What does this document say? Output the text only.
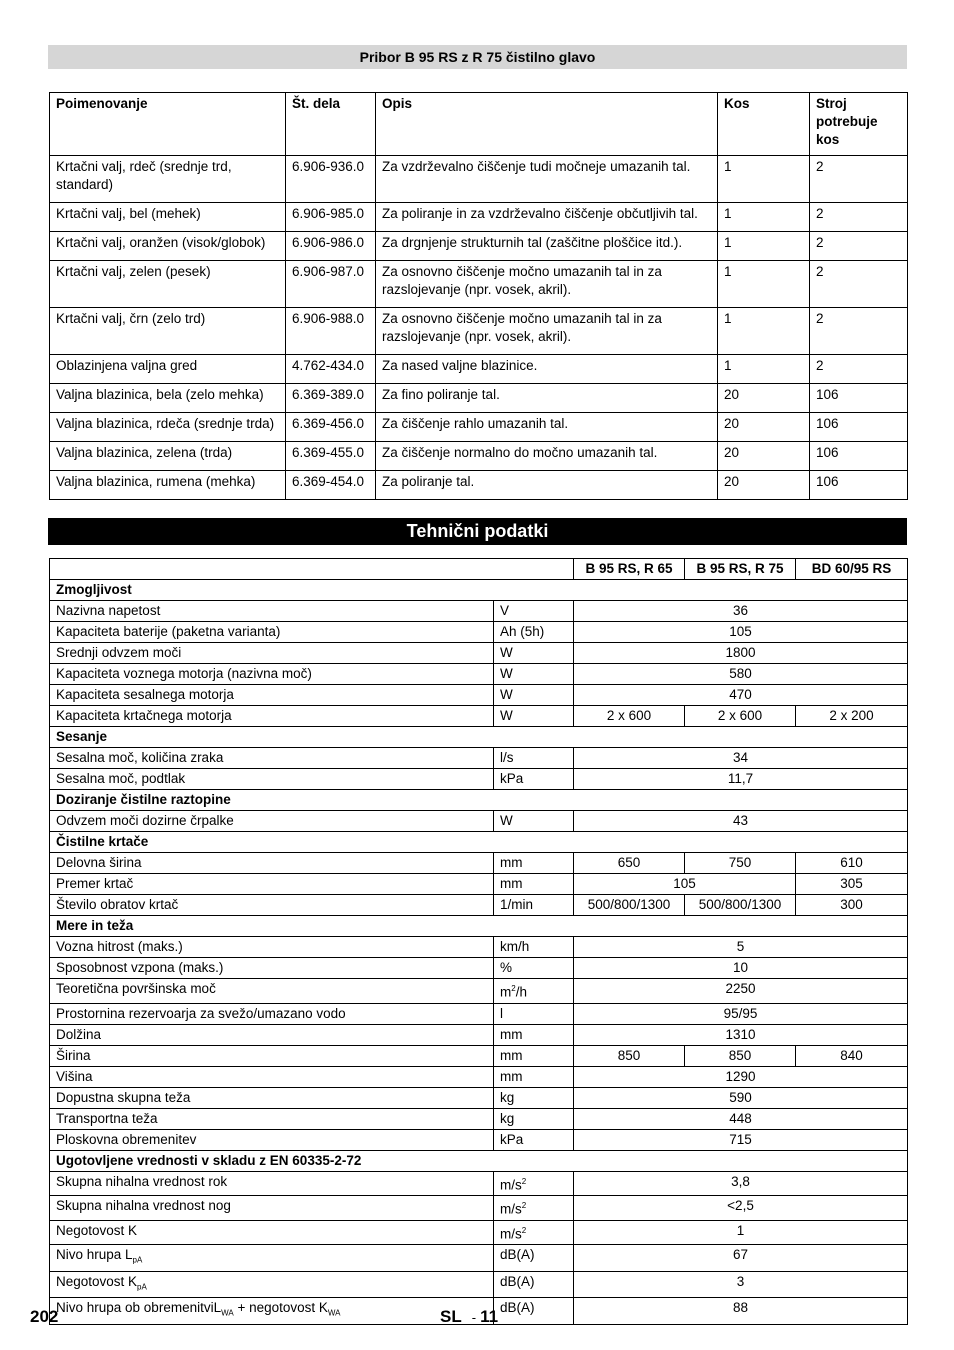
Pribor B 95 RS z R 75 čistilno glavo
Poimenovanje	Št. dela	Opis	Kos	Stroj potrebuje kos
Krtačni valj, rdeč (srednje trd, standard)	6.906-936.0	Za vzdrževalno čiščenje tudi močneje umazanih tal.	1	2
Krtačni valj, bel (mehek)	6.906-985.0	Za poliranje in za vzdrževalno čiščenje občutljivih tal.	1	2
Krtačni valj, oranžen (visok/globok)	6.906-986.0	Za drgnjenje strukturnih tal (zaščitne ploščice itd.).	1	2
Krtačni valj, zelen (pesek)	6.906-987.0	Za osnovno čiščenje močno umazanih tal in za razslojevanje (npr. vosek, akril).	1	2
Krtačni valj, črn (zelo trd)	6.906-988.0	Za osnovno čiščenje močno umazanih tal in za razslojevanje (npr. vosek, akril).	1	2
Oblazinjena valjna gred	4.762-434.0	Za nased valjne blazinice.	1	2
Valjna blazinica, bela (zelo mehka)	6.369-389.0	Za fino poliranje tal.	20	106
Valjna blazinica, rdeča (srednje trda)	6.369-456.0	Za čiščenje rahlo umazanih tal.	20	106
Valjna blazinica, zelena (trda)	6.369-455.0	Za čiščenje normalno do močno umazanih tal.	20	106
Valjna blazinica, rumena (mehka)	6.369-454.0	Za poliranje tal.	20	106
Tehnični podatki
		B 95 RS, R 65	B 95 RS, R 75	BD 60/95 RS
Zmogljivost				
Nazivna napetost	V	36		
Kapaciteta baterije (paketna varianta)	Ah (5h)	105		
Srednji odvzem moči	W	1800		
Kapaciteta voznega motorja (nazivna moč)	W	580		
Kapaciteta sesalnega motorja	W	470		
Kapaciteta krtačnega motorja	W	2 x 600	2 x 600	2 x 200
Sesanje				
Sesalna moč, količina zraka	l/s	34		
Sesalna moč, podtlak	kPa	11,7		
Doziranje čistilne raztopine				
Odvzem moči dozirne črpalke	W	43		
Čistilne krtače				
Delovna širina	mm	650	750	610
Premer krtač	mm	105		305
Število obratov krtač	1/min	500/800/1300	500/800/1300	300
Mere in teža				
Vozna hitrost (maks.)	km/h	5		
Sposobnost vzpona (maks.)	%	10		
Teoretična površinska moč	$m^2/h$	2250		
Prostornina rezervoarja za svežo/umazano vodo	l	95/95		
Dolžina	mm	1310		
Širina	mm	850	850	840
Višina	mm	1290		
Dopustna skupna teža	kg	590		
Transportna teža	kg	448		
Ploskovna obremenitev	kPa	715		
Ugotovljene vrednosti v skladu z EN 60335-2-72				
Skupna nihalna vrednost rok	$m/s^2$	3,8		
Skupna nihalna vrednost nog	$m/s^2$	<2,5		
Negotovost K	$m/s^2$	1		
Nivo hrupa $L_{pA}$	dB(A)	67		
Negotovost $K_{pA}$	dB(A)	3		
Nivo hrupa ob obremenitviL$_{WA}$ + negotovost $K_{WA}$	dB(A)	88		
202	SL - 11
